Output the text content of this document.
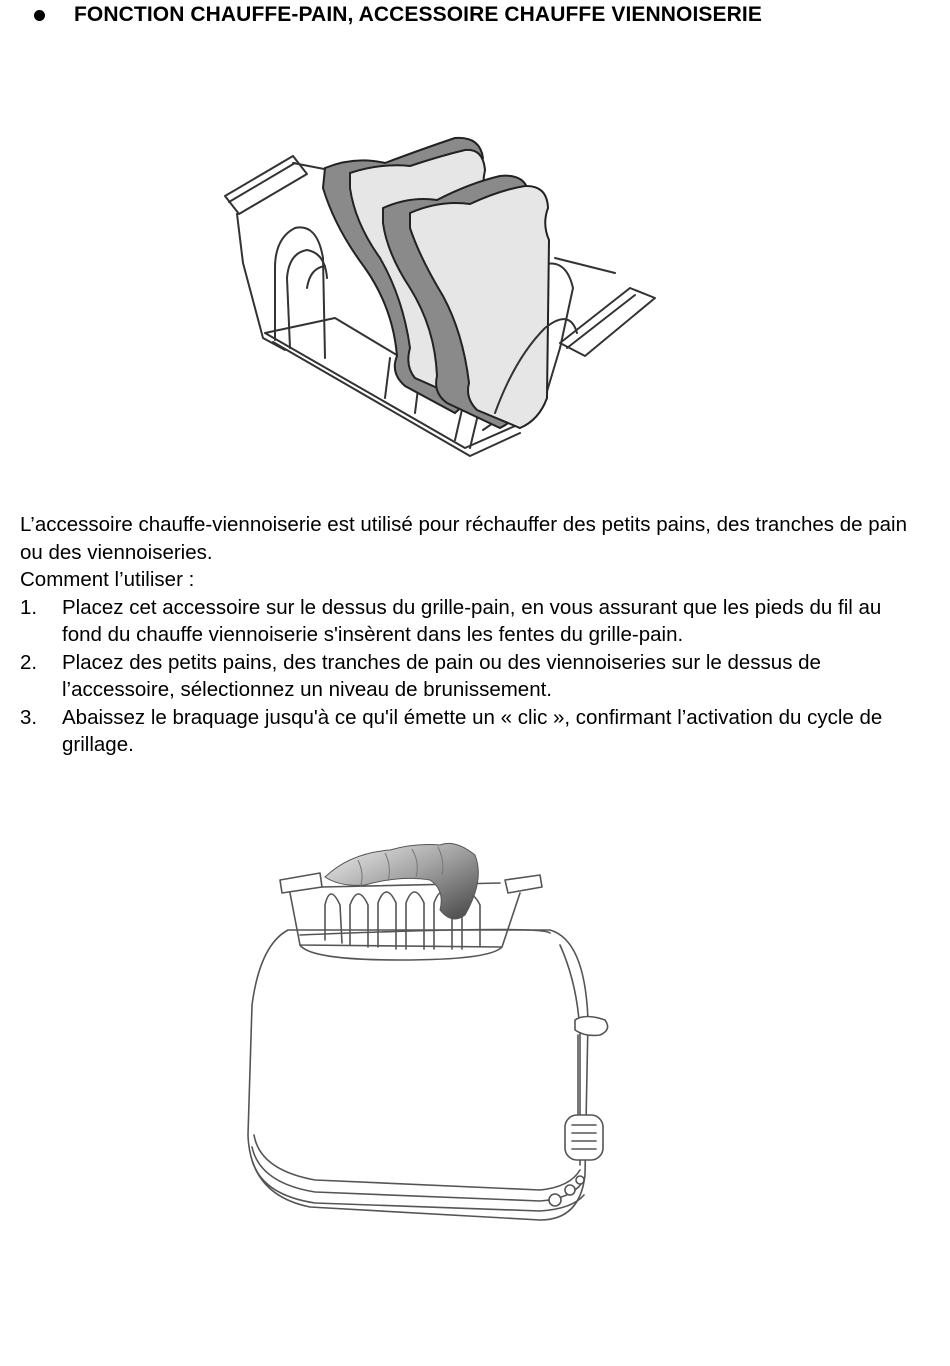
FONCTION CHAUFFE-PAIN, ACCESSOIRE CHAUFFE VIENNOISERIE

L’accessoire chauffe-viennoiserie est utilisé pour réchauffer des petits pains, des tranches de pain ou des viennoiseries.

Comment l’utiliser :

1. Placez cet accessoire sur le dessus du grille-pain, en vous assurant que les pieds du fil au fond du chauffe viennoiserie s'insèrent dans les fentes du grille-pain.
2. Placez des petits pains, des tranches de pain ou des viennoiseries sur le dessus de l’accessoire, sélectionnez un niveau de brunissement.
3. Abaissez le braquage jusqu'à ce qu'il émette un « clic », confirmant l’activation du cycle de grillage.
